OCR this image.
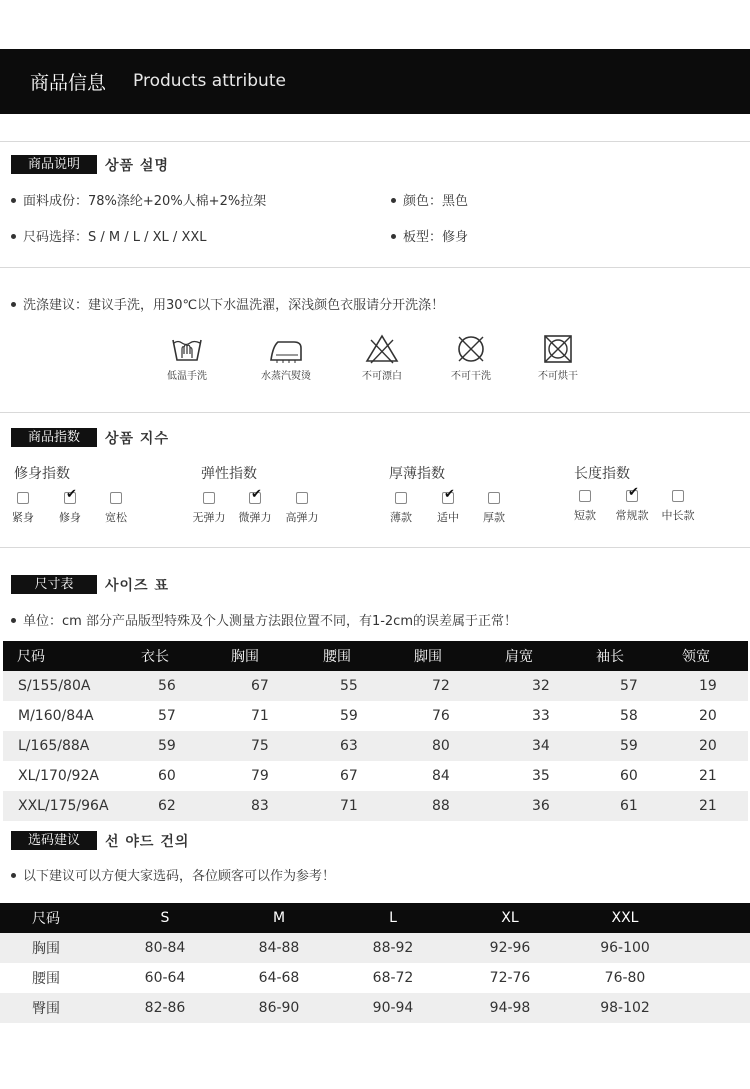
商品信息 Products attribute
商品说明	상품 설명
面料成份：78%涤纶+20%人棉+2%拉架	颜色：黑色
尺码选择：S / M / L / XL / XXL	板型：修身
洗涤建议：建议手洗，用30℃以下水温洗濯，深浅颜色衣服请分开洗涤！
低温手洗	水蒸汽熨烫	不可漂白	不可干洗	不可烘干
商品指数	상품 지수
修身指数
紧身
✔
修身	宽松
弹性指数
无弹力
✔
微弹力	高弹力
厚薄指数
薄款
✔
适中	厚款
长度指数
短款
✔
常规款	中长款
尺寸表	사이즈 표
单位：cm 部分产品版型特殊及个人测量方法跟位置不同，有1-2cm的误差属于正常！
尺码	衣长	胸围	腰围	脚围	肩宽	袖长	领宽
S/155/80A	56	67	55	72	32	57	19
M/160/84A	57	71	59	76	33	58	20
L/165/88A	59	75	63	80	34	59	20
XL/170/92A	60	79	67	84	35	60	21
XXL/175/96A	62	83	71	88	36	61	21
选码建议	선 야드 건의
以下建议可以方便大家选码，各位顾客可以作为参考！
尺码	S	M	L	XL	XXL	
胸围	80-84	84-88	88-92	92-96	96-100	
腰围	60-64	64-68	68-72	72-76	76-80	
臀围	82-86	86-90	90-94	94-98	98-102	
